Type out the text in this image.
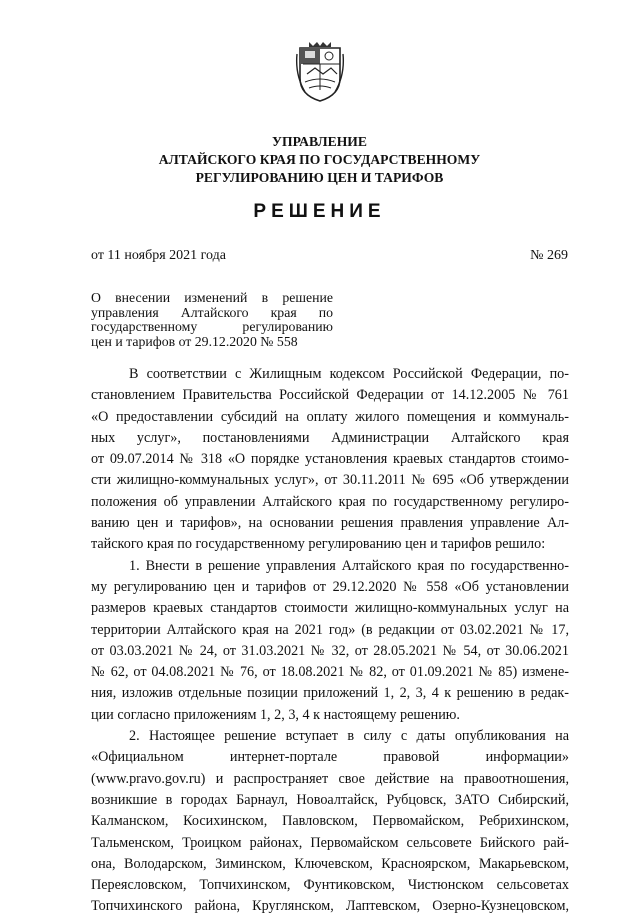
УПРАВЛЕНИЕ
АЛТАЙСКОГО КРАЯ ПО ГОСУДАРСТВЕННОМУ
РЕГУЛИРОВАНИЮ ЦЕН И ТАРИФОВ
РЕШЕНИЕ
от 11 ноября 2021 года	№ 269
О внесении изменений в решение
управления Алтайского края по
государственному регулированию
цен и тарифов от 29.12.2020 № 558
В соответствии с Жилищным кодексом Российской Федерации, по-
становлением Правительства Российской Федерации от 14.12.2005 № 761
«О предоставлении субсидий на оплату жилого помещения и коммуналь-
ных услуг», постановлениями Администрации Алтайского края
от 09.07.2014 № 318 «О порядке установления краевых стандартов стоимо-
сти жилищно-коммунальных услуг», от 30.11.2011 № 695 «Об утверждении
положения об управлении Алтайского края по государственному регулиро-
ванию цен и тарифов», на основании решения правления управление Ал-
тайского края по государственному регулированию цен и тарифов решило:
1. Внести в решение управления Алтайского края по государственно-
му регулированию цен и тарифов от 29.12.2020 № 558 «Об установлении
размеров краевых стандартов стоимости жилищно-коммунальных услуг на
территории Алтайского края на 2021 год» (в редакции от 03.02.2021 № 17,
от 03.03.2021 № 24, от 31.03.2021 № 32, от 28.05.2021 № 54, от 30.06.2021
№ 62, от 04.08.2021 № 76, от 18.08.2021 № 82, от 01.09.2021 № 85) измене-
ния, изложив отдельные позиции приложений 1, 2, 3, 4 к решению в редак-
ции согласно приложениям 1, 2, 3, 4 к настоящему решению.
2. Настоящее решение вступает в силу с даты опубликования на
«Официальном интернет-портале правовой информации»
(www.pravo.gov.ru) и распространяет свое действие на правоотношения,
возникшие в городах Барнаул, Новоалтайск, Рубцовск, ЗАТО Сибирский,
Калманском, Косихинском, Павловском, Первомайском, Ребрихинском,
Тальменском, Троицком районах, Первомайском сельсовете Бийского рай-
она, Володарском, Зиминском, Ключевском, Красноярском, Макарьевском,
Переясловском, Топчихинском, Фунтиковском, Чистюнском сельсоветах
Топчихинского района, Круглянском, Лаптевском, Озерно-Кузнецовском,
